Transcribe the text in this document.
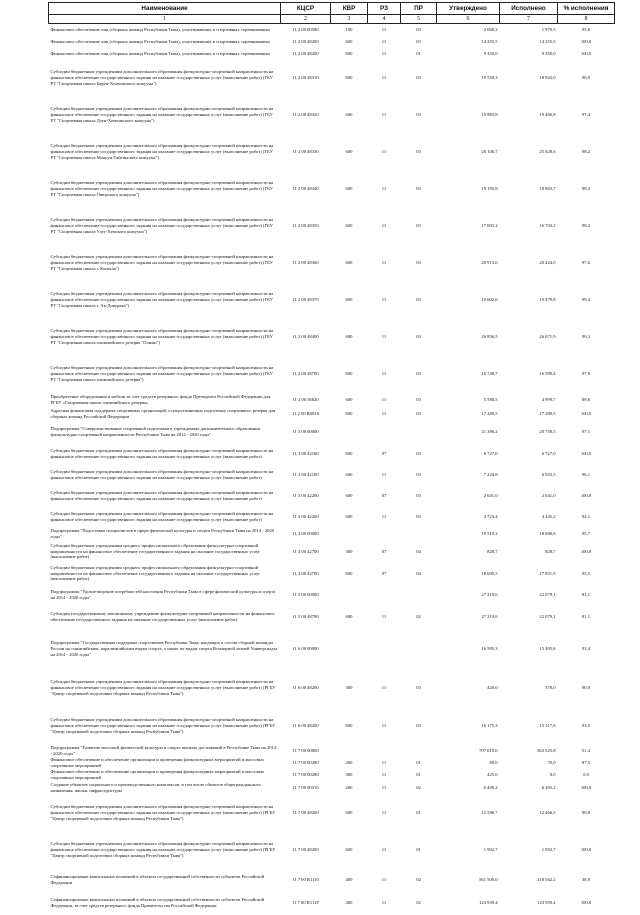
Наименование	КЦСР	КВР	РЗ	ПР	Утверждено	Исполнено	% исполнения
1	2	3	4	5	6	7	8
Финансовое обеспечение лиц (сборных команд Республики Тыва), участвовавших в спортивных соревнованиях	11 2 00 00580	100	11	03	2 060,2	1 970,3	95,6
Финансовое обеспечение лиц (сборных команд Республики Тыва), участвовавших в спортивных соревнованиях	11 2 00 48200	600	11	03	14 255,5	14 255,5	100,0
Финансовое обеспечение лиц (сборных команд Республики Тыва), участвовавших в спортивных соревнованиях	11 2 00 48200	600	11	01	9 350,0	9 350,0	100,0
Субсидии бюджетным учреждениям дополнительного образования физкультурно-спортивной направленности на финансовое обеспечение государственного задания на оказание государственных услуг (выполнение работ) (ГБУ РТ "Спортивная школа Барун-Хемчикского кожууна")	11 2 00 48310	600	11	03	19 558,3	18 943,0	96,9
Субсидии бюджетным учреждениям дополнительного образования физкультурно-спортивной направленности на финансовое обеспечение государственного задания на оказание государственных услуг (выполнение работ) (ГБУ РТ "Спортивная школа Дзун-Хемчикского кожууна")	11 2 00 48320	600	11	03	19 985,8	19 460,8	97,4
Субсидии бюджетным учреждениям дополнительного образования физкультурно-спортивной направленности на финансовое обеспечение государственного задания на оказание государственных услуг (выполнение работ) (ГБУ РТ "Спортивная школа Монгун-Тайгинского кожууна")	11 2 00 48330	600	11	03	26 106,7	25 628,6	98,2
Субсидии бюджетным учреждениям дополнительного образования физкультурно-спортивной направленности на финансовое обеспечение государственного задания на оказание государственных услуг (выполнение работ) (ГБУ РТ "Спортивная школа Овюрского кожууна")	11 2 00 48340	600	11	03	19 195,8	18 863,7	98,3
Субсидии бюджетным учреждениям дополнительного образования физкультурно-спортивной направленности на финансовое обеспечение государственного задания на оказание государственных услуг (выполнение работ) (ГБУ РТ "Спортивная школа Улуг-Хемского кожууна")	11 2 00 48350	600	11	03	17 003,2	16 703,2	98,2
Субсидии бюджетным учреждениям дополнительного образования физкультурно-спортивной направленности на финансовое обеспечение государственного задания на оказание государственных услуг (выполнение работ) (ГБУ РТ "Спортивная школа г. Кызыла")	11 2 00 48360	600	11	03	20 913,6	20 424,0	97,6
Субсидии бюджетным учреждениям дополнительного образования физкультурно-спортивной направленности на финансовое обеспечение государственного задания на оказание государственных услуг (выполнение работ) (ГБУ РТ "Спортивная школа г. Ак-Довурака")	11 2 00 48370	600	11	03	19 602,6	19 479,8	99,4
Субсидии бюджетным учреждениям дополнительного образования физкультурно-спортивной направленности на финансовое обеспечение государственного задания на оказание государственных услуг (выполнение работ) (ГБУ РТ "Спортивная школа олимпийского резерва "Олимп")	11 2 00 48400	600	11	03	26 856,5	26 671,9	99,3
Субсидии бюджетным учреждениям дополнительного образования физкультурно-спортивной направленности на финансовое обеспечение государственного задания на оказание государственных услуг (выполнение работ) (ГБУ РТ "Спортивная школа олимпийского резерва")	11 2 00 48700	600	11	03	16 748,7	16 389,4	97,9
Приобретение оборудования и мебели за счет средств резервного фонда Президента Российской Федерации для РГБУ «Спортивная школа олимпийского резерва»	11 2 00 56620	600	11	03	5 580,5	4 999,7	89,6
Адресная финансовая поддержка спортивных организаций, осуществляющих подготовку спортивного резерва для сборных команд Российской Федерации	11 2 00 R0810	600	11	03	17 289,5	17 289,5	100,0
Подпрограмма "Совершенствование спортивной подготовки в учреждениях дополнительного образования физкультурно-спортивной направленности Республики Тыва на 2014 - 2020 годы"	11 3 00 00000				21 386,2	20 758,5	97,1
Субсидии бюджетным учреждениям дополнительного образования физкультурно-спортивной направленности на финансовое обеспечение государственного задания на оказание государственных услуг (выполнение работ)	11 3 00 42100	600	07	03	6 727,0	6 727,0	100,0
Субсидии бюджетным учреждениям дополнительного образования физкультурно-спортивной направленности на финансовое обеспечение государственного задания на оказание государственных услуг (выполнение работ)	11 3 00 42100	600	11	03	7 224,8	6 943,5	96,1
Субсидии бюджетным учреждениям дополнительного образования физкультурно-спортивной направленности на финансовое обеспечение государственного задания на оказание государственных услуг (выполнение работ)	11 3 00 42200	600	07	03	2 641,0	2 641,0	100,0
Субсидии бюджетным учреждениям дополнительного образования физкультурно-спортивной направленности на финансовое обеспечение государственного задания на оказание государственных услуг (выполнение работ)	11 3 00 42200	600	11	03	4 723,4	4 445,2	94,1
Подпрограмма "Подготовка специалистов в сфере физической культуры и спорта Республики Тыва на 2014 - 2020 годы"	11 4 00 00000				19 519,2	18 680,6	95,7
Субсидии бюджетным учреждениям среднего профессионального образования физкультурно-спортивной направленности на финансовое обеспечение государственного задания на оказание государственных услуг (выполнение работ)	11 4 00 42700	300	07	04	828,7	828,7	100,0
Субсидии бюджетным учреждениям среднего профессионального образования физкультурно-спортивной направленности на финансовое обеспечение государственного задания на оказание государственных услуг (выполнение работ)	11 4 00 42700	600	07	04	18 690,5	17 851,9	95,5
Подпрограмма "Удовлетворение потребностей населения Республики Тыва в сфере физической культуры и спорта на 2014 - 2020 годы"	11 5 00 00000				27 219,6	22 079,1	81,1
Субсидии государственному автономному учреждению физкультурно-спортивной направленности на финансовое обеспечение государственного задания на оказание государственных услуг (выполнение работ)	11 5 00 48790	600	11	02	27 219,6	22 079,1	81,1
Подпрограмма "Государственная поддержка спортсменов Республики Тыва, входящих в состав сборной команды России по олимпийским, паралимпийским видам спорта, а также по видам спорта Всемирной летней Универсиады на 2014 - 2020 годы"	11 6 00 00000				16 595,3	15 495,6	93,4
Субсидии бюджетным учреждениям дополнительного образования физкультурно-спортивной направленности на финансовое обеспечение государственного задания на оказание государственных услуг (выполнение работ) (РГБУ "Центр спортивной подготовки сборных команд Республики Тыва")	11 6 00 48200	300	11	03	420,0	378,0	90,0
Субсидии бюджетным учреждениям дополнительного образования физкультурно-спортивной направленности на финансовое обеспечение государственного задания на оказание государственных услуг (выполнение работ) (РГБУ "Центр спортивной подготовки сборных команд Республики Тыва")	11 6 00 48200	600	11	03	16 175,3	15 117,6	93,5
Подпрограмма "Развитие массовой физической культуры и спорта высших достижений в Республике Тыва на 2014 - 2020 годы"	11 7 00 00000				707 019,0	363 525,8	51,4
Финансовое обеспечение и обеспечение организации и проведения физкультурных мероприятий и массовых спортивных мероприятий	11 7 00 00280	200	11	01	80,0	70,0	87,5
Финансовое обеспечение и обеспечение организации и проведения физкультурных мероприятий и массовых спортивных мероприятий	11 7 00 00280	300	11	01	425,0	0,0	0,0
Создание объектов социального и производственного комплексов, в том числе объектов общегражданского назначения, жилья, инфраструктуры	11 7 00 00310	200	11	02	6 495,2	6 495,2	100,0
Субсидии бюджетным учреждениям дополнительного образования физкультурно-спортивной направленности на финансовое обеспечение государственного задания на оказание государственных услуг (выполнение работ) (РГБУ "Центр спортивной подготовки сборных команд Республики Тыва")	11 7 00 48200	600	11	01	12 586,7	12 466,3	99,0
Субсидии бюджетным учреждениям дополнительного образования физкультурно-спортивной направленности на финансовое обеспечение государственного задания на оказание государственных услуг (выполнение работ) (РГБУ "Центр спортивной подготовки сборных команд Республики Тыва")	11 7 00 48200	600	11	01	1 992,7	1 992,7	100,0
Софинансирование капитальных вложений в объекты государственной собственности субъектов Российской Федерации	11 7 00 R1110	400	11	02	561 500,0	218 562,2	38,9
Софинансирование капитальных вложений в объекты государственной собственности субъектов Российской Федерации, за счет средств резервного фонда Правительства Российской Федерации	11 7 00 R111F	400	11	02	123 939,4	123 939,4	100,0
